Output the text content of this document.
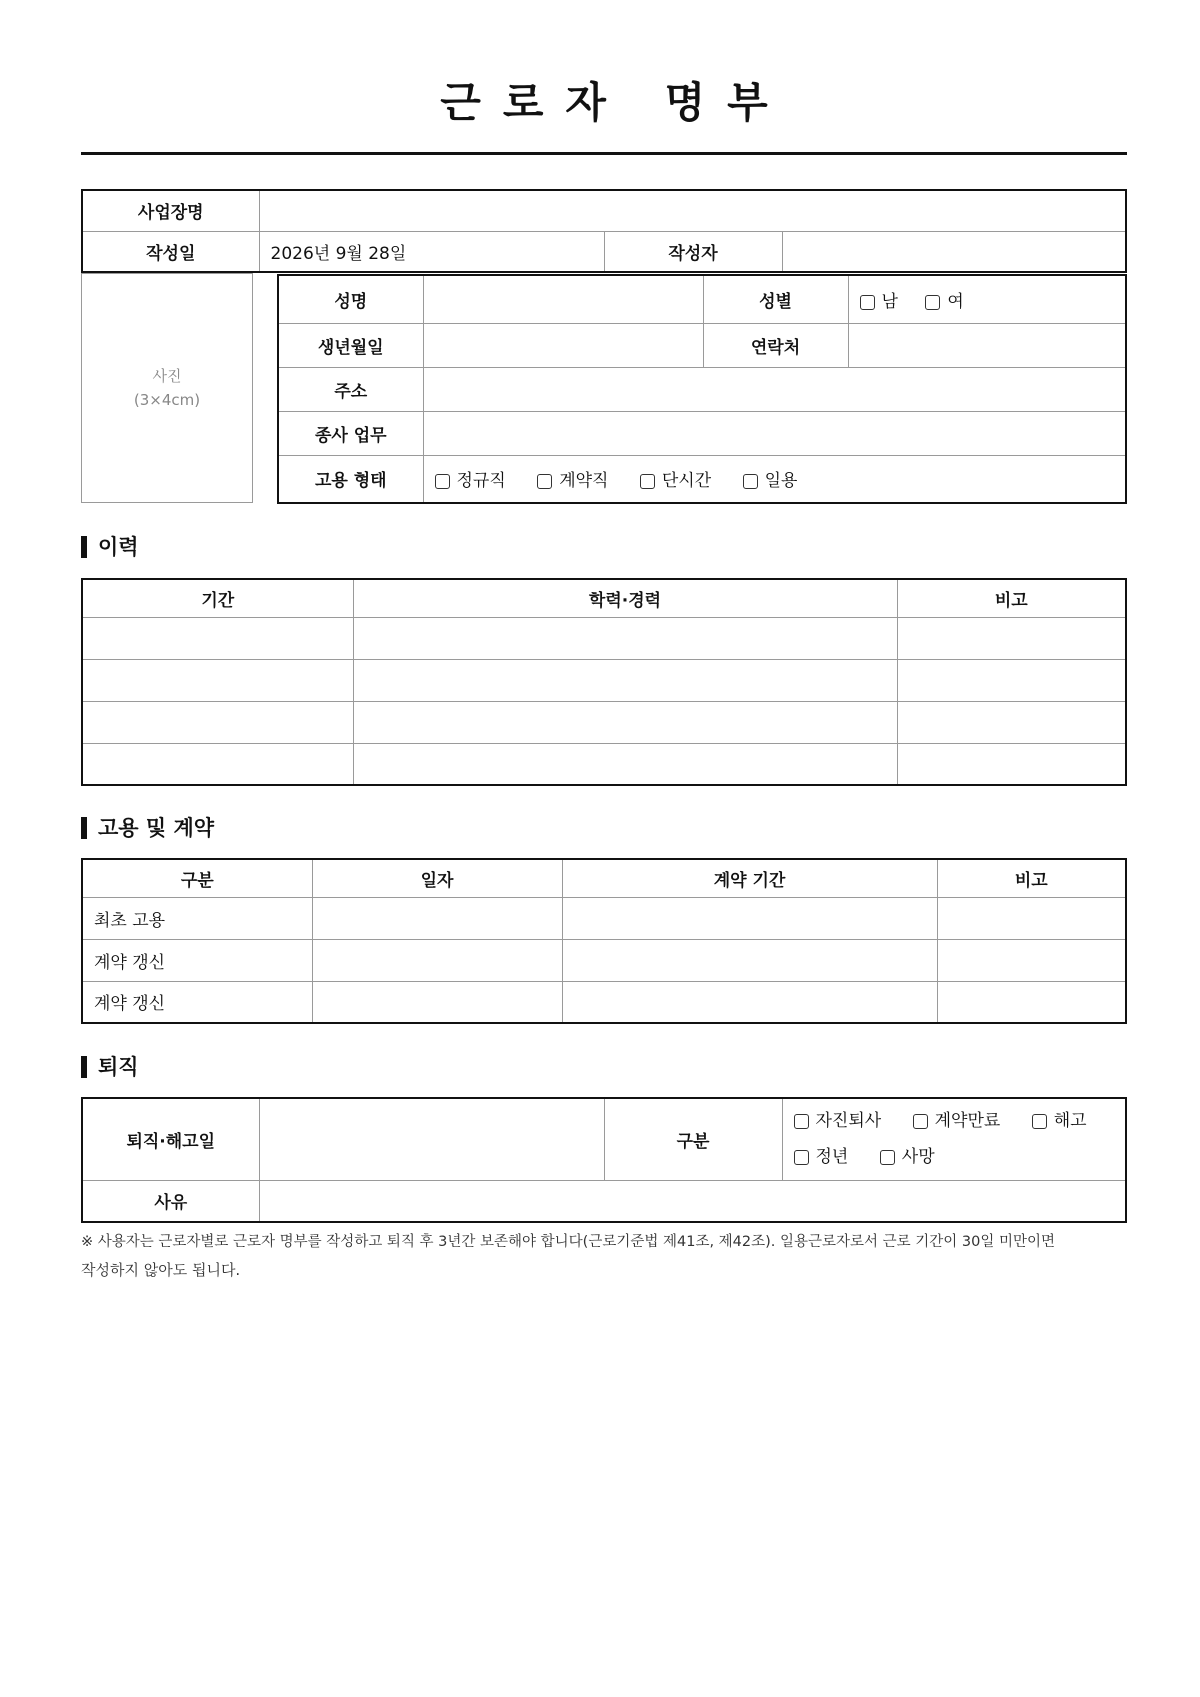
근로자 명부
사업장명			
작성일	2026년 9월 28일	작성자	
사진
(3×4cm)
성명		성별	남 여
생년월일		연락처	
주소			
종사 업무			
고용 형태	정규직 계약직 단시간 일용		
이력
기간	학력·경력	비고

고용 및 계약
구분	일자	계약 기간	비고
최초 고용			
계약 갱신			
계약 갱신			
퇴직
퇴직·해고일		구분	자진퇴사 계약만료 해고
정년 사망

사유			
※ 사용자는 근로자별로 근로자 명부를 작성하고 퇴직 후 3년간 보존해야 합니다(근로기준법 제41조, 제42조). 일용근로자로서 근로 기간이 30일 미만이면
작성하지 않아도 됩니다.
